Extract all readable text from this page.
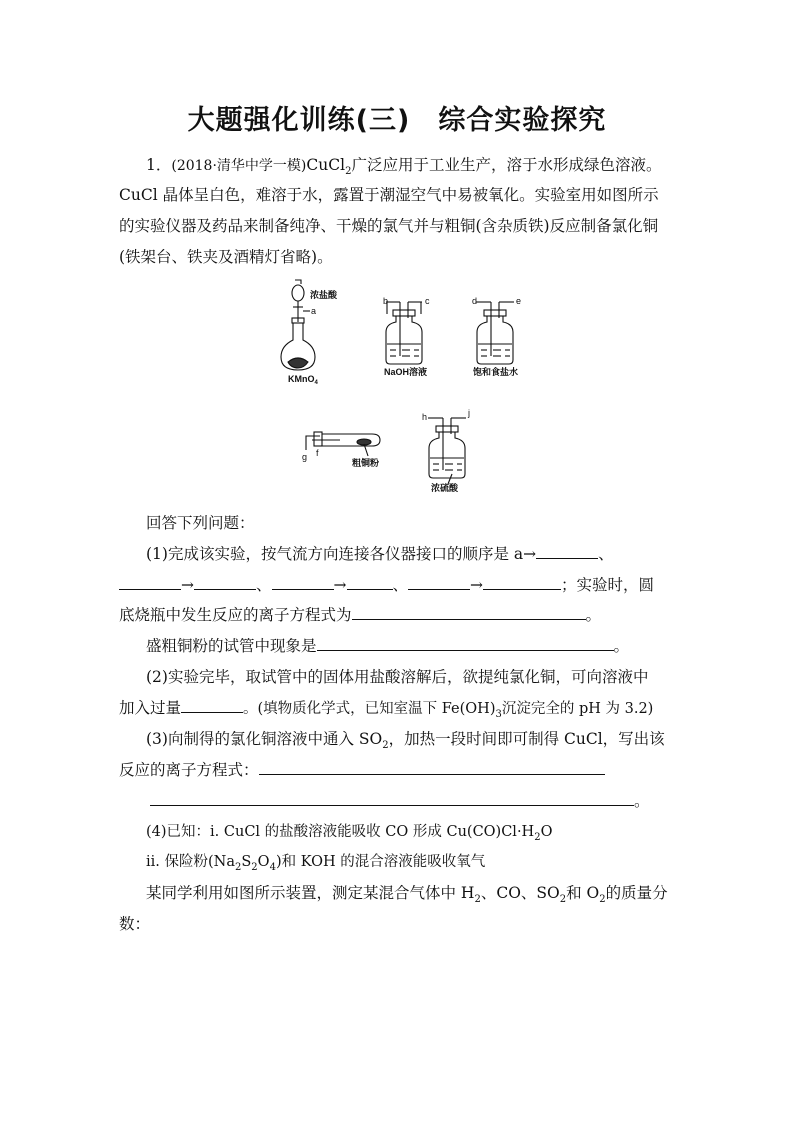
大题强化训练(三)　综合实验探究
1．(2018·清华中学一模)CuCl$_2$广泛应用于工业生产，溶于水形成绿色溶液。
CuCl 晶体呈白色，难溶于水，露置于潮湿空气中易被氧化。实验室用如图所示
的实验仪器及药品来制备纯净、干燥的氯气并与粗铜(含杂质铁)反应制备氯化铜
(铁架台、铁夹及酒精灯省略)。
浓盐酸
a
KMnO$_4$
b	c
NaOH溶液
d	e
饱和食盐水
g f
粗铜粉
h	j
浓硫酸
回答下列问题：
(1)完成该实验，按气流方向连接各仪器接口的顺序是 a→	、
→	、	→	、	→	；实验时，圆
底烧瓶中发生反应的离子方程式为	。
盛粗铜粉的试管中现象是	。
(2)实验完毕，取试管中的固体用盐酸溶解后，欲提纯氯化铜，可向溶液中
加入过量	。(填物质化学式，已知室温下 $Fe(OH)_3$沉淀完全的 pH 为 3.2)
(3)向制得的氯化铜溶液中通入 $SO_2$，加热一段时间即可制得 CuCl，写出该
反应的离子方程式：
。
(4)已知：i. CuCl 的盐酸溶液能吸收 CO 形成 $Cu(CO)Cl\cdot H_2O$
ii. 保险粉$(Na_2S_2O_4)$和 KOH 的混合溶液能吸收氧气
某同学利用如图所示装置，测定某混合气体中 $H_2$、CO、$SO_2$和 $O_2$的质量分
数：
